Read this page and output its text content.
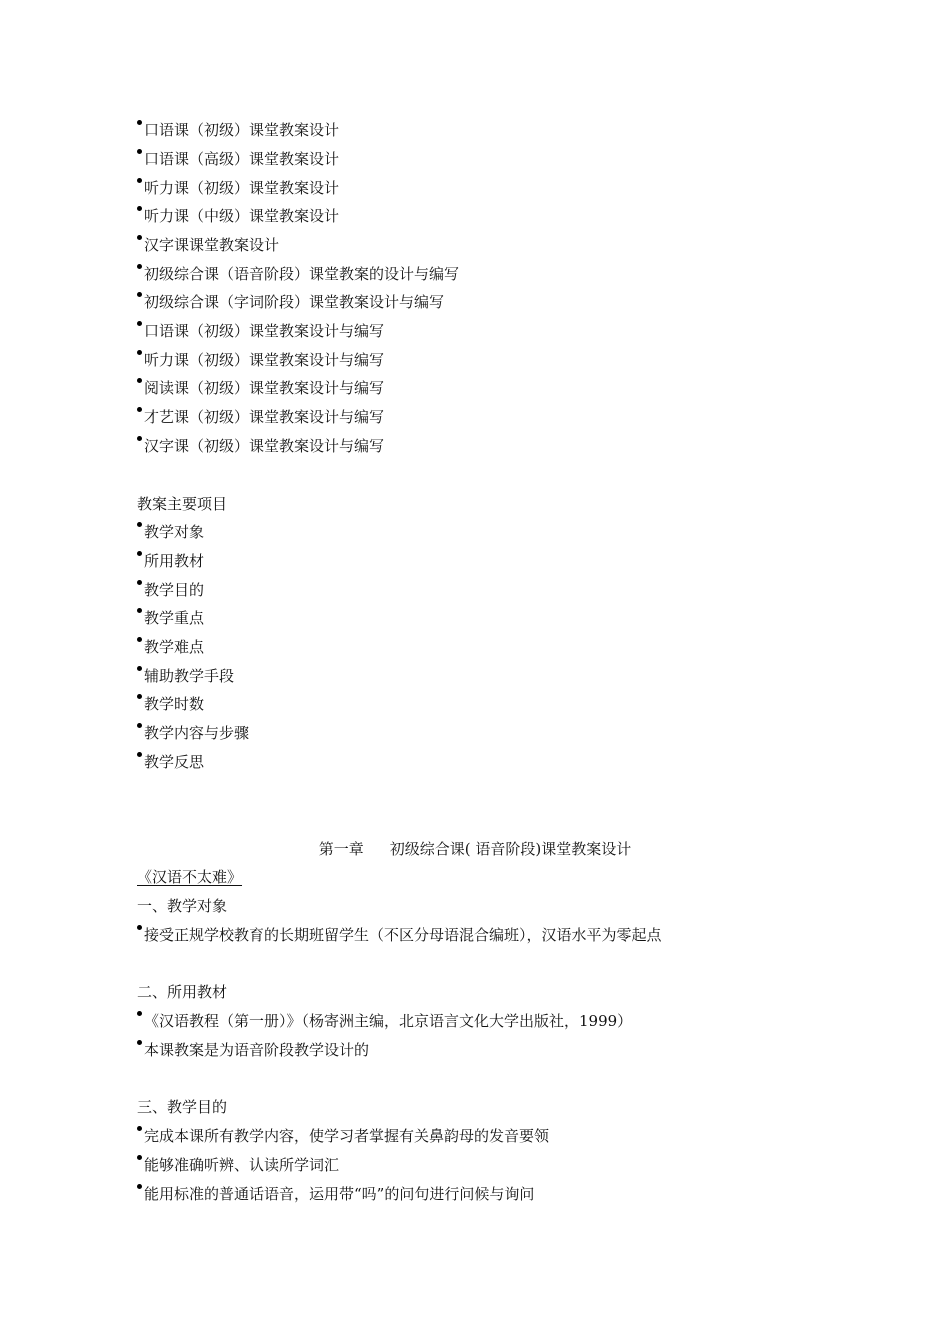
口语课（初级）课堂教案设计
口语课（高级）课堂教案设计
听力课（初级）课堂教案设计
听力课（中级）课堂教案设计
汉字课课堂教案设计
初级综合课（语音阶段）课堂教案的设计与编写
初级综合课（字词阶段）课堂教案设计与编写
口语课（初级）课堂教案设计与编写
听力课（初级）课堂教案设计与编写
阅读课（初级）课堂教案设计与编写
才艺课（初级）课堂教案设计与编写
汉字课（初级）课堂教案设计与编写
教案主要项目
教学对象
所用教材
教学目的
教学重点
教学难点
辅助教学手段
教学时数
教学内容与步骤
教学反思
第一章 初级综合课( 语音阶段)课堂教案设计
《汉语不太难》
一、教学对象
接受正规学校教育的长期班留学生（不区分母语混合编班），汉语水平为零起点
二、所用教材
《汉语教程（第一册）》（杨寄洲主编，北京语言文化大学出版社，1999）
本课教案是为语音阶段教学设计的
三、教学目的
完成本课所有教学内容，使学习者掌握有关鼻韵母的发音要领
能够准确听辨、认读所学词汇
能用标准的普通话语音，运用带“吗”的问句进行问候与询问
